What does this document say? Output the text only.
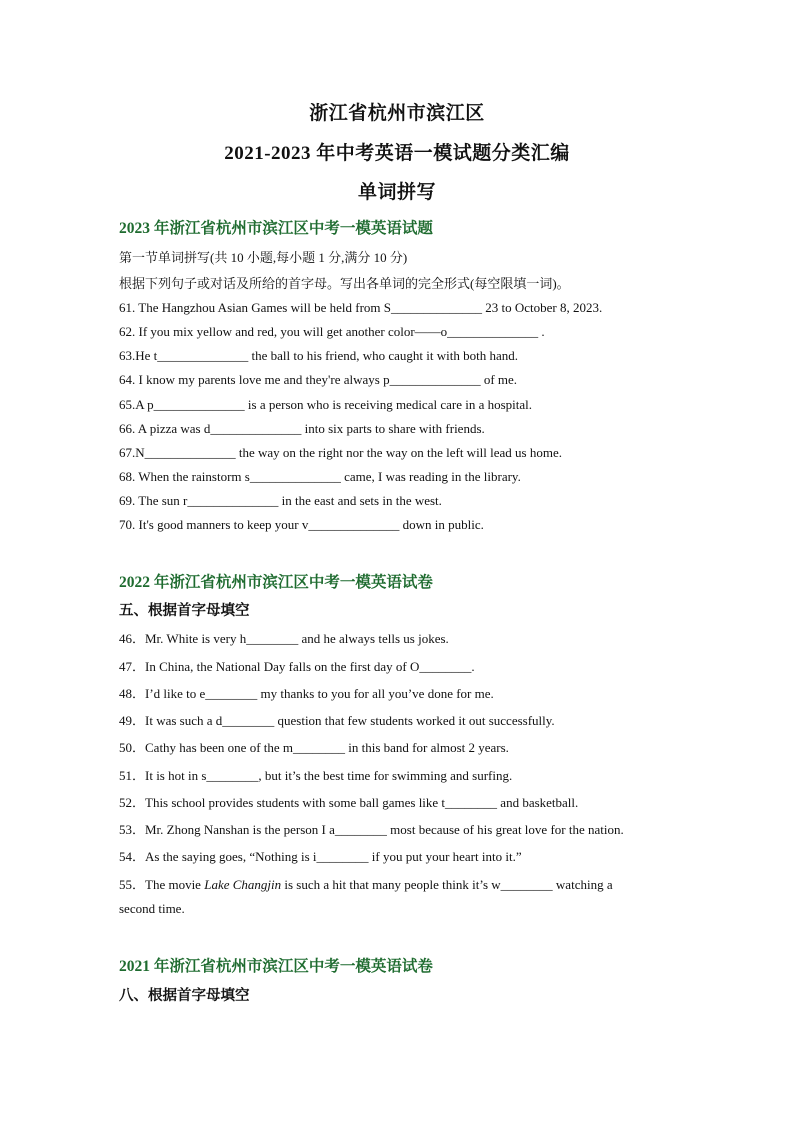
浙江省杭州市滨江区
2021-2023 年中考英语一模试题分类汇编
单词拼写
2023 年浙江省杭州市滨江区中考一模英语试题
第一节单词拼写(共 10 小题,每小题 1 分,满分 10 分)
根据下列句子或对话及所给的首字母。写出各单词的完全形式(每空限填一词)。
61. The Hangzhou Asian Games will be held from S______________ 23 to October 8, 2023.
62. If you mix yellow and red, you will get another color——o______________ .
63.He t______________ the ball to his friend, who caught it with both hand.
64. I know my parents love me and they're always p______________ of me.
65.A p______________ is a person who is receiving medical care in a hospital.
66. A pizza was d______________ into six parts to share with friends.
67.N______________ the way on the right nor the way on the left will lead us home.
68. When the rainstorm s______________ came, I was reading in the library.
69. The sun r______________ in the east and sets in the west.
70. It's good manners to keep your v______________ down in public.
2022 年浙江省杭州市滨江区中考一模英语试卷
五、根据首字母填空
46．Mr. White is very h________ and he always tells us jokes.
47．In China, the National Day falls on the first day of O________.
48．I’d like to e________ my thanks to you for all you’ve done for me.
49．It was such a d________ question that few students worked it out successfully.
50．Cathy has been one of the m________ in this band for almost 2 years.
51．It is hot in s________, but it’s the best time for swimming and surfing.
52．This school provides students with some ball games like t________ and basketball.
53．Mr. Zhong Nanshan is the person I a________ most because of his great love for the nation.
54．As the saying goes, “Nothing is i________ if you put your heart into it.”
55．The movie Lake Changjin is such a hit that many people think it’s w________ watching a
second time.
2021 年浙江省杭州市滨江区中考一模英语试卷
八、根据首字母填空
